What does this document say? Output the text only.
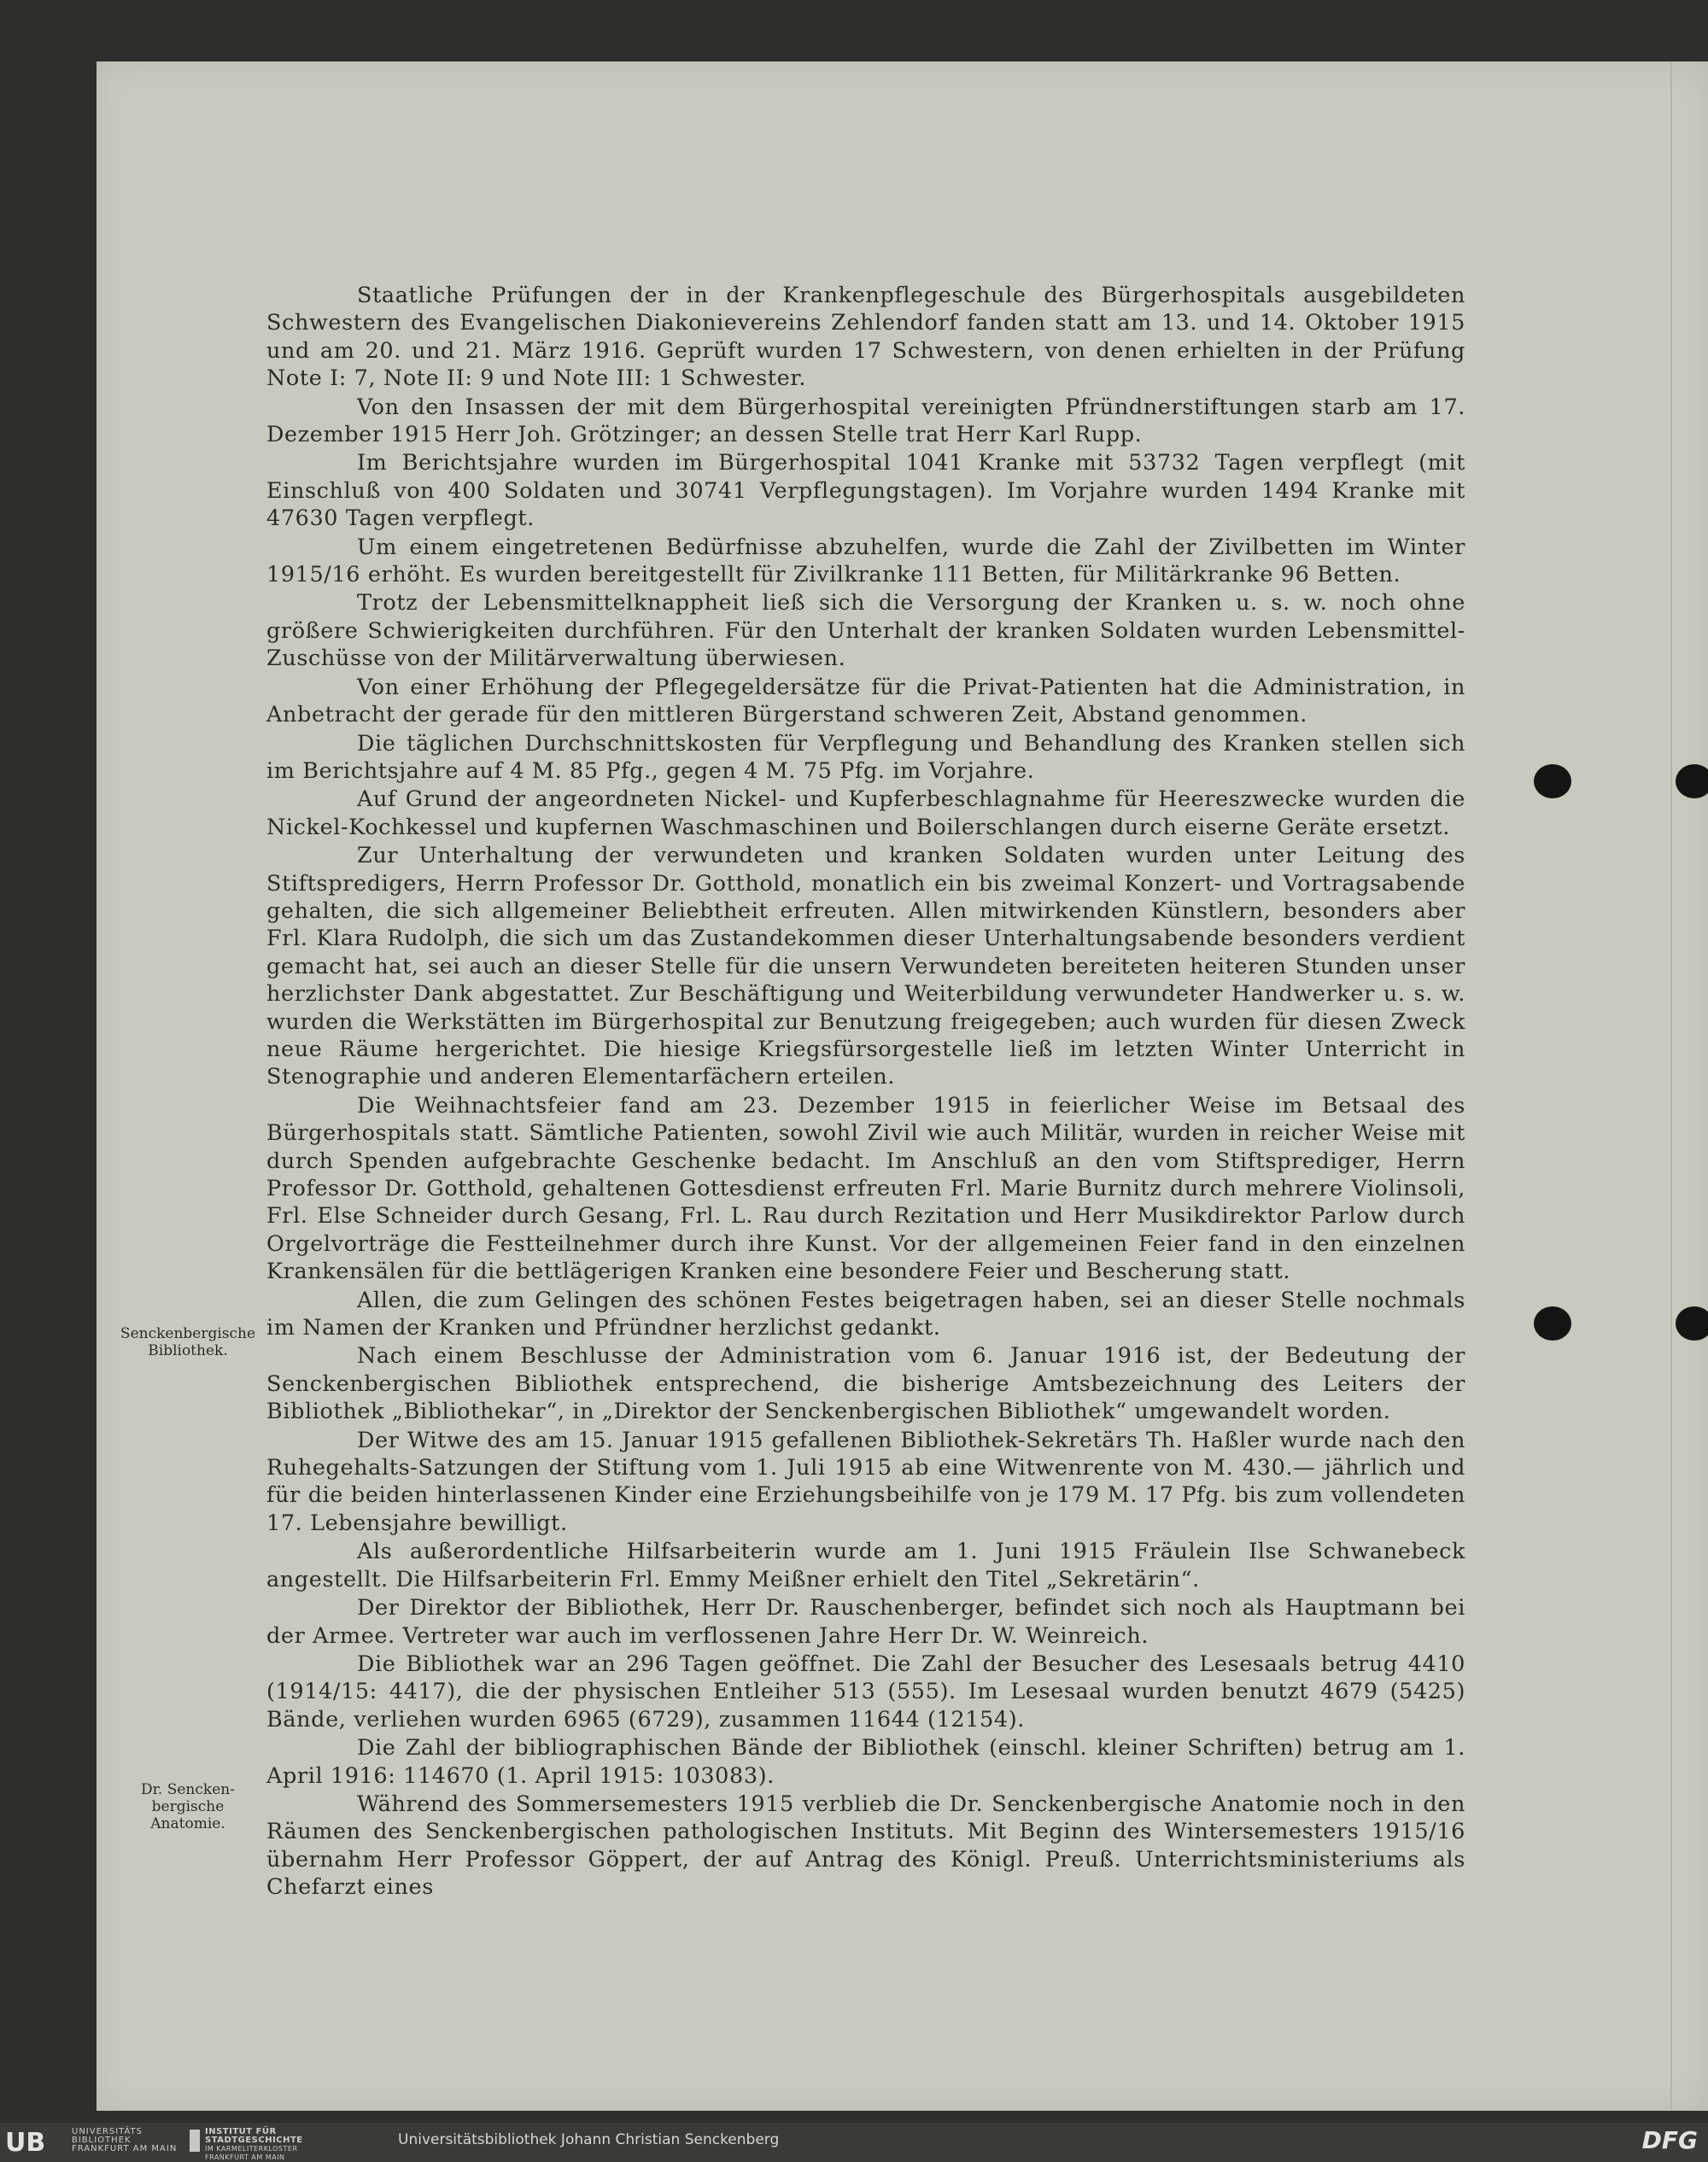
Staatliche Prüfungen der in der Krankenpflegeschule des Bürgerhospitals ausgebildeten Schwestern des Evangelischen Diakonievereins Zehlendorf fanden statt am 13. und 14. Oktober 1915 und am 20. und 21. März 1916. Geprüft wurden 17 Schwestern, von denen erhielten in der Prüfung Note I: 7, Note II: 9 und Note III: 1 Schwester.

Von den Insassen der mit dem Bürgerhospital vereinigten Pfründnerstiftungen starb am 17. Dezember 1915 Herr Joh. Grötzinger; an dessen Stelle trat Herr Karl Rupp.

Im Berichtsjahre wurden im Bürgerhospital 1041 Kranke mit 53732 Tagen verpflegt (mit Einschluß von 400 Soldaten und 30741 Verpflegungstagen). Im Vorjahre wurden 1494 Kranke mit 47630 Tagen verpflegt.

Um einem eingetretenen Bedürfnisse abzuhelfen, wurde die Zahl der Zivilbetten im Winter 1915/16 erhöht. Es wurden bereitgestellt für Zivilkranke 111 Betten, für Militärkranke 96 Betten.

Trotz der Lebensmittelknappheit ließ sich die Versorgung der Kranken u. s. w. noch ohne größere Schwierigkeiten durchführen. Für den Unterhalt der kranken Soldaten wurden Lebensmittel-Zuschüsse von der Militärverwaltung überwiesen.

Von einer Erhöhung der Pflegegeldersätze für die Privat-Patienten hat die Administration, in Anbetracht der gerade für den mittleren Bürgerstand schweren Zeit, Abstand genommen.

Die täglichen Durchschnittskosten für Verpflegung und Behandlung des Kranken stellen sich im Berichtsjahre auf 4 M. 85 Pfg., gegen 4 M. 75 Pfg. im Vorjahre.

Auf Grund der angeordneten Nickel- und Kupferbeschlagnahme für Heereszwecke wurden die Nickel-Kochkessel und kupfernen Waschmaschinen und Boilerschlangen durch eiserne Geräte ersetzt.

Zur Unterhaltung der verwundeten und kranken Soldaten wurden unter Leitung des Stiftspredigers, Herrn Professor Dr. Gotthold, monatlich ein bis zweimal Konzert- und Vortragsabende gehalten, die sich allgemeiner Beliebtheit erfreuten. Allen mitwirkenden Künstlern, besonders aber Frl. Klara Rudolph, die sich um das Zustandekommen dieser Unterhaltungsabende besonders verdient gemacht hat, sei auch an dieser Stelle für die unsern Verwundeten bereiteten heiteren Stunden unser herzlichster Dank abgestattet. Zur Beschäftigung und Weiterbildung verwundeter Handwerker u. s. w. wurden die Werkstätten im Bürgerhospital zur Benutzung freigegeben; auch wurden für diesen Zweck neue Räume hergerichtet. Die hiesige Kriegsfürsorgestelle ließ im letzten Winter Unterricht in Stenographie und anderen Elementarfächern erteilen.

Die Weihnachtsfeier fand am 23. Dezember 1915 in feierlicher Weise im Betsaal des Bürgerhospitals statt. Sämtliche Patienten, sowohl Zivil wie auch Militär, wurden in reicher Weise mit durch Spenden aufgebrachte Geschenke bedacht. Im Anschluß an den vom Stiftsprediger, Herrn Professor Dr. Gotthold, gehaltenen Gottesdienst erfreuten Frl. Marie Burnitz durch mehrere Violinsoli, Frl. Else Schneider durch Gesang, Frl. L. Rau durch Rezitation und Herr Musikdirektor Parlow durch Orgelvorträge die Festteilnehmer durch ihre Kunst. Vor der allgemeinen Feier fand in den einzelnen Krankensälen für die bettlägerigen Kranken eine besondere Feier und Bescherung statt.

Allen, die zum Gelingen des schönen Festes beigetragen haben, sei an dieser Stelle nochmals im Namen der Kranken und Pfründner herzlichst gedankt.

Nach einem Beschlusse der Administration vom 6. Januar 1916 ist, der Bedeutung der Senckenbergischen Bibliothek entsprechend, die bisherige Amtsbezeichnung des Leiters der Bibliothek „Bibliothekar“, in „Direktor der Senckenbergischen Bibliothek“ umgewandelt worden.

Der Witwe des am 15. Januar 1915 gefallenen Bibliothek-Sekretärs Th. Haßler wurde nach den Ruhegehalts-Satzungen der Stiftung vom 1. Juli 1915 ab eine Witwenrente von M. 430.— jährlich und für die beiden hinterlassenen Kinder eine Erziehungsbeihilfe von je 179 M. 17 Pfg. bis zum vollendeten 17. Lebensjahre bewilligt.

Als außerordentliche Hilfsarbeiterin wurde am 1. Juni 1915 Fräulein Ilse Schwanebeck angestellt. Die Hilfsarbeiterin Frl. Emmy Meißner erhielt den Titel „Sekretärin“.

Der Direktor der Bibliothek, Herr Dr. Rauschenberger, befindet sich noch als Hauptmann bei der Armee. Vertreter war auch im verflossenen Jahre Herr Dr. W. Weinreich.

Die Bibliothek war an 296 Tagen geöffnet. Die Zahl der Besucher des Lesesaals betrug 4410 (1914/15: 4417), die der physischen Entleiher 513 (555). Im Lesesaal wurden benutzt 4679 (5425) Bände, verliehen wurden 6965 (6729), zusammen 11644 (12154).

Die Zahl der bibliographischen Bände der Bibliothek (einschl. kleiner Schriften) betrug am 1. April 1916: 114670 (1. April 1915: 103083).

Während des Sommersemesters 1915 verblieb die Dr. Senckenbergische Anatomie noch in den Räumen des Senckenbergischen pathologischen Instituts. Mit Beginn des Wintersemesters 1915/16 übernahm Herr Professor Göppert, der auf Antrag des Königl. Preuß. Unterrichtsministeriums als Chefarzt eines

Senckenbergische Bibliothek.
Dr. Sencken-bergische Anatomie.
UB	UNIVERSITÄTS
BIBLIOTHEK
FRANKFURT AM MAIN
INSTITUT FÜR
STADTGESCHICHTE
IM KARMELITERKLOSTER
FRANKFURT AM MAIN
Universitätsbibliothek Johann Christian Senckenberg	DFG
